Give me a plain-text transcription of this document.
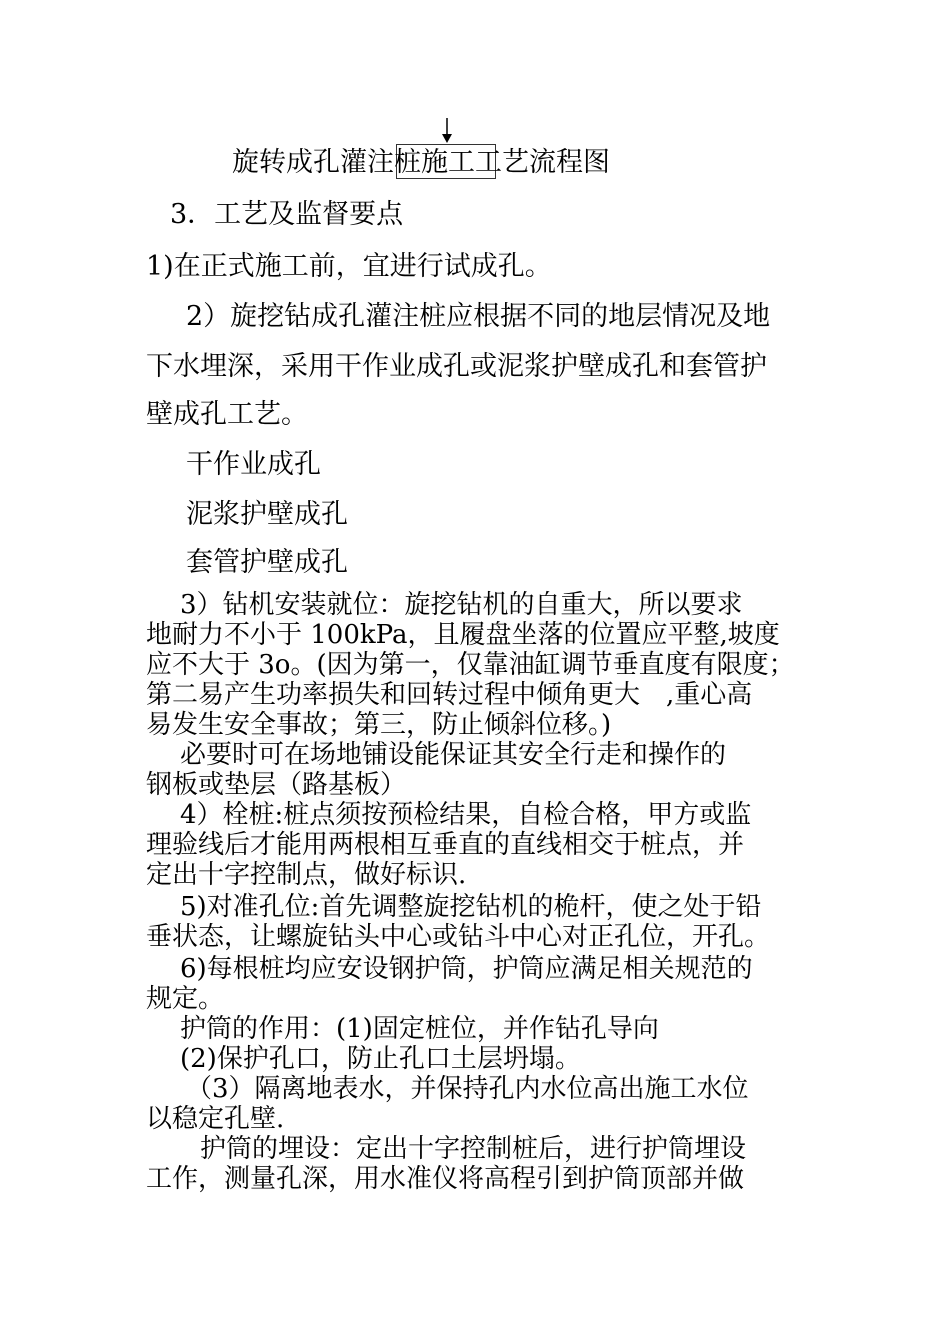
旋转成孔灌注桩施工工艺流程图
3．工艺及监督要点
1)在正式施工前，宜进行试成孔。
2）旋挖钻成孔灌注桩应根据不同的地层情况及地
下水埋深，采用干作业成孔或泥浆护壁成孔和套管护
壁成孔工艺。
干作业成孔
泥浆护壁成孔
套管护壁成孔
3）钻机安装就位：旋挖钻机的自重大，所以要求
地耐力不小于 100kPa，且履盘坐落的位置应平整,坡度
应不大于 3o。(因为第一，仅靠油缸调节垂直度有限度；
第二易产生功率损失和回转过程中倾角更大　,重心高
易发生安全事故；第三，防止倾斜位移。)
必要时可在场地铺设能保证其安全行走和操作的
钢板或垫层（路基板）
4）栓桩:桩点须按预检结果，自检合格，甲方或监
理验线后才能用两根相互垂直的直线相交于桩点，并
定出十字控制点，做好标识.
5)对准孔位:首先调整旋挖钻机的桅杆，使之处于铅
垂状态，让螺旋钻头中心或钻斗中心对正孔位，开孔。
6)每根桩均应安设钢护筒，护筒应满足相关规范的
规定。
护筒的作用：(1)固定桩位，并作钻孔导向
(2)保护孔口，防止孔口土层坍塌。
（3）隔离地表水，并保持孔内水位高出施工水位
以稳定孔壁.
护筒的埋设：定出十字控制桩后，进行护筒埋设
工作，测量孔深，用水准仪将高程引到护筒顶部并做
